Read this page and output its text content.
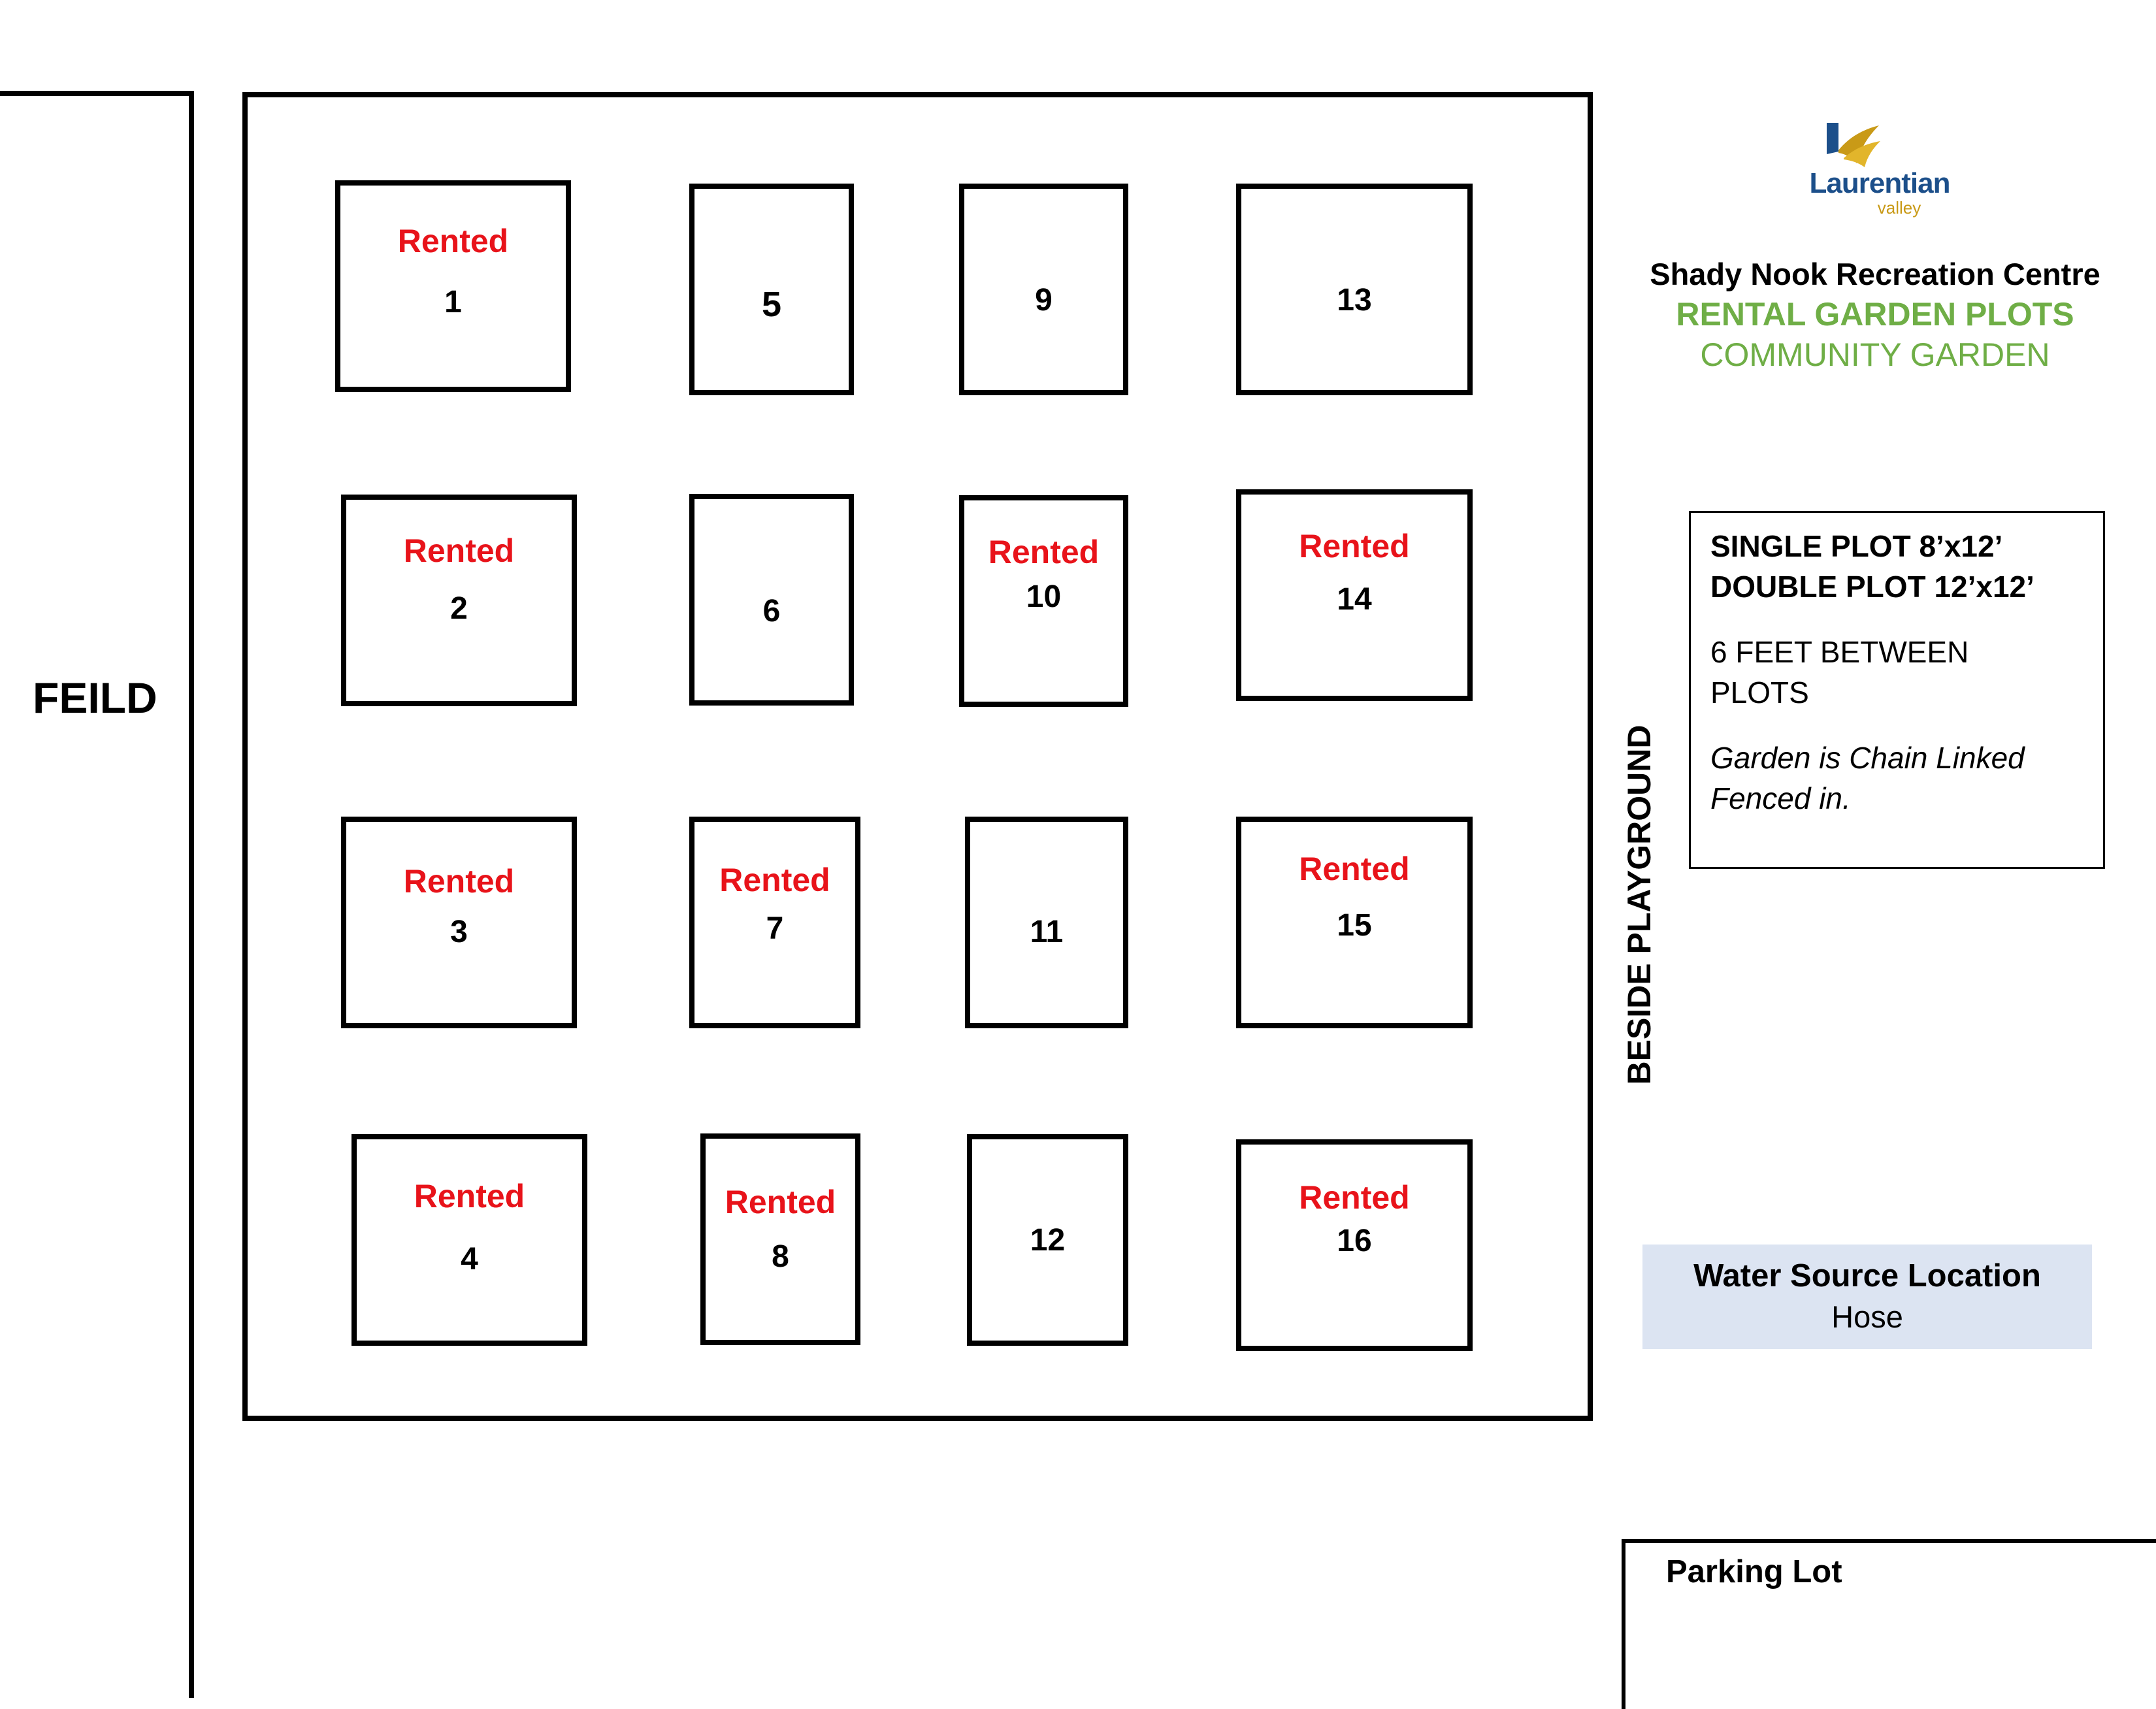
FEILD
Rented
1
Rented
2
Rented
3
Rented
4
5
6
Rented
7
Rented
8
9
Rented
10
11
12
13
Rented
14
Rented
15
Rented
16
BESIDE PLAYGROUND
Laurentian
valley
Shady Nook Recreation Centre
RENTAL GARDEN PLOTS
COMMUNITY GARDEN
SINGLE PLOT 8’x12’
DOUBLE PLOT 12’x12’
6 FEET BETWEEN
PLOTS
Garden is Chain Linked
Fenced in.
Water Source Location
Hose
Parking Lot
